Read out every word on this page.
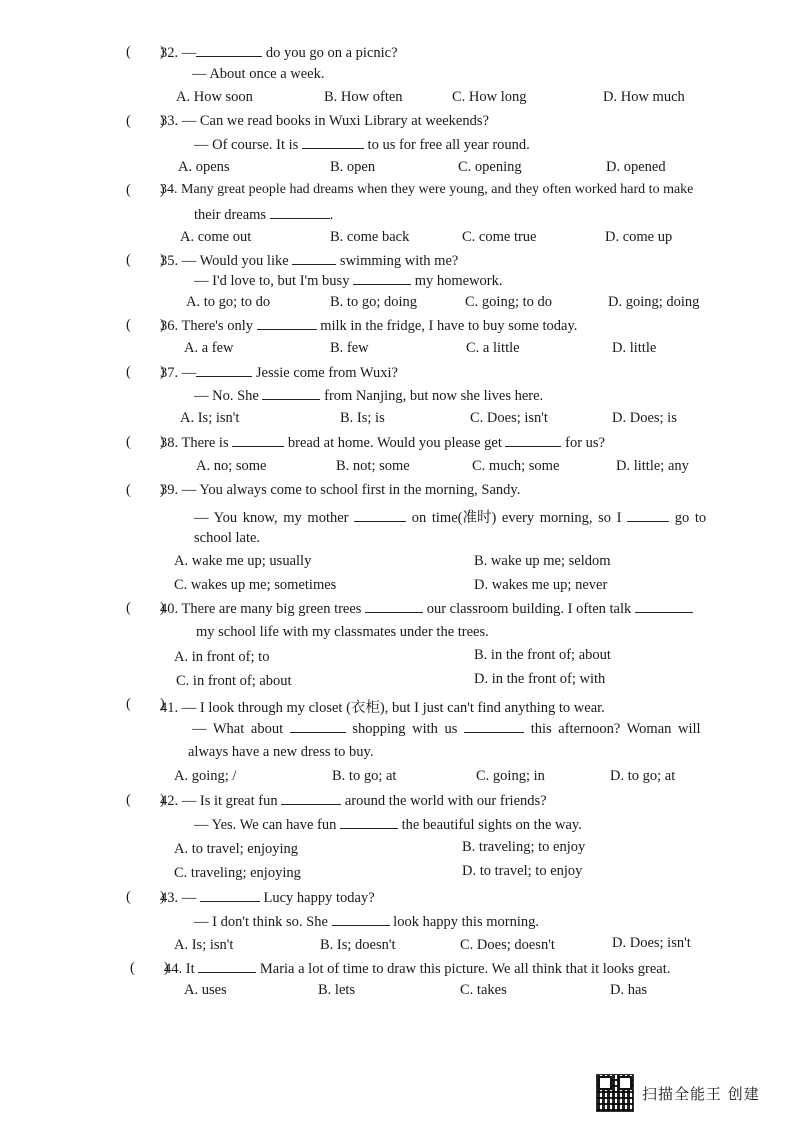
(        )
32. —	do you go on a picnic?
— About once a week.
A. How soon	B. How often	C. How long	D. How much
(        )
33. — Can we read books in Wuxi Library at weekends?
— Of course. It is	to us for free all year round.
A. opens	B. open	C. opening	D. opened
(        )
34. Many great people had dreams when they were young, and they often worked hard to make
their dreams	.
A. come out	B. come back	C. come true	D. come up
(        )
35. — Would you like	swimming with me?
— I'd love to, but I'm busy	my homework.
A. to go; to do	B. to go; doing	C. going; to do	D. going; doing
(        )
36. There's only	milk in the fridge, I have to buy some today.
A. a few	B. few	C. a little	D. little
(        )
37. —	Jessie come from Wuxi?
— No. She	from Nanjing, but now she lives here.
A. Is; isn't	B. Is; is	C. Does; isn't	D. Does; is
(        )
38. There is	bread at home. Would you please get	for us?
A. no; some	B. not; some	C. much; some	D. little; any
(        )
39. — You always come to school first in the morning, Sandy.
— You know, my mother	on time(准时) every morning, so I	go to
school late.
A. wake me up; usually	B. wake up me; seldom
C. wakes up me; sometimes	D. wakes me up; never
(        )
40. There are many big green trees	our classroom building. I often talk
my school life with my classmates under the trees.
A. in front of; to	B. in the front of; about
C. in front of; about	D. in the front of; with
(        )
41. — I look through my closet (衣柜), but I just can't find anything to wear.
— What about	shopping with us	this afternoon? Woman will
always have a new dress to buy.
A. going; /	B. to go; at	C. going; in	D. to go; at
(        )
42. — Is it great fun	around the world with our friends?
— Yes. We can have fun	the beautiful sights on the way.
A. to travel; enjoying	B. traveling; to enjoy
C. traveling; enjoying	D. to travel; to enjoy
(        )
43. —	Lucy happy today?
— I don't think so. She	look happy this morning.
A. Is; isn't	B. Is; doesn't	C. Does; doesn't	D. Does; isn't
(        )
44. It	Maria a lot of time to draw this picture. We all think that it looks great.
A. uses	B. lets	C. takes	D. has
扫描全能王 创建
